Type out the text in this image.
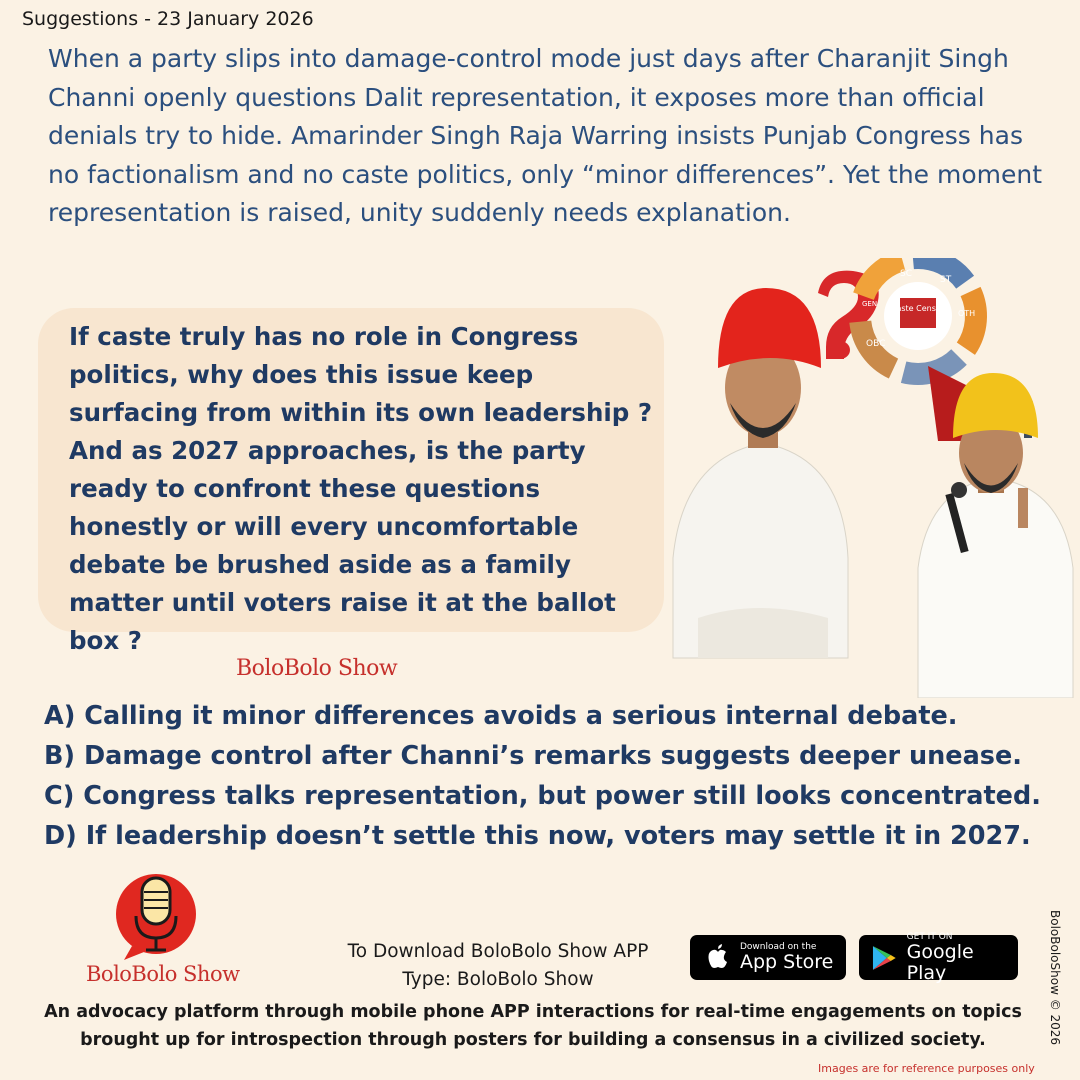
Suggestions - 23 January 2026
When a party slips into damage-control mode just days after Charanjit Singh Channi openly questions Dalit representation, it exposes more than official denials try to hide. Amarinder Singh Raja Warring insists Punjab Congress has no factionalism and no caste politics, only “minor differences”. Yet the moment representation is raised, unity suddenly needs explanation.
If caste truly has no role in Congress politics, why does this issue keep surfacing from within its own leadership ?
And as 2027 approaches, is the party ready to confront these questions honestly or will every uncomfortable debate be brushed aside as a family matter until voters raise it at the ballot box ?
Caste Census
SC
ST
OTH
OBC
GEN
BoloBolo Show
A) Calling it minor differences avoids a serious internal debate.
B) Damage control after Channi’s remarks suggests deeper unease.
C) Congress talks representation, but power still looks concentrated.
D) If leadership doesn’t settle this now, voters may settle it in 2027.
BoloBolo Show
To Download BoloBolo Show APP
Type: BoloBolo Show
Download on the
App Store
GET IT ON
Google Play
An advocacy platform through mobile phone APP interactions for real-time engagements on topics
brought up for introspection through posters for building a consensus in a civilized society.	BoloBoloShow © 2026
Images are for reference purposes only
